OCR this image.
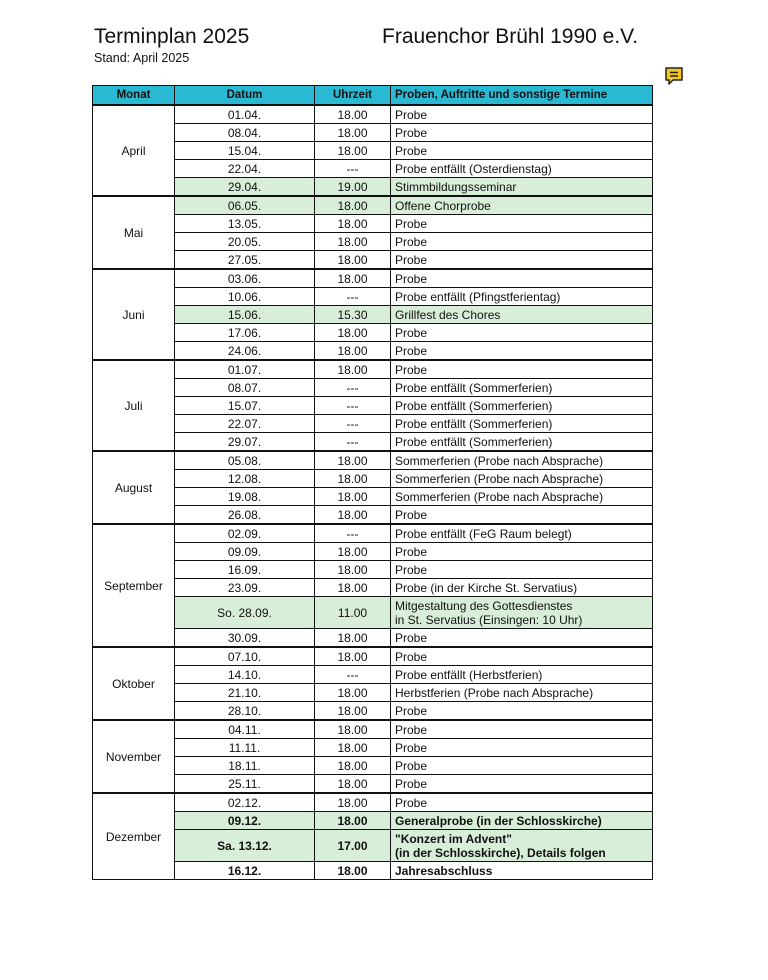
Terminplan 2025	Frauenchor Brühl 1990 e.V.
Stand: April 2025
Monat	Datum	Uhrzeit	Proben, Auftritte und sonstige Termine
April	01.04.	18.00	Probe

	08.04.	18.00	Probe

	15.04.	18.00	Probe

	22.04.	---	Probe entfällt (Osterdienstag)

	29.04.	19.00	Stimmbildungsseminar

Mai	06.05.	18.00	Offene Chorprobe

	13.05.	18.00	Probe

	20.05.	18.00	Probe

	27.05.	18.00	Probe

Juni	03.06.	18.00	Probe

	10.06.	---	Probe entfällt (Pfingstferientag)

	15.06.	15.30	Grillfest des Chores

	17.06.	18.00	Probe

	24.06.	18.00	Probe

Juli	01.07.	18.00	Probe

	08.07.	---	Probe entfällt (Sommerferien)

	15.07.	---	Probe entfällt (Sommerferien)

	22.07.	---	Probe entfällt (Sommerferien)

	29.07.	---	Probe entfällt (Sommerferien)

August	05.08.	18.00	Sommerferien (Probe nach Absprache)

	12.08.	18.00	Sommerferien (Probe nach Absprache)

	19.08.	18.00	Sommerferien (Probe nach Absprache)

	26.08.	18.00	Probe

September	02.09.	---	Probe entfällt (FeG Raum belegt)

	09.09.	18.00	Probe

	16.09.	18.00	Probe

	23.09.	18.00	Probe (in der Kirche St. Servatius)

	So. 28.09.	11.00	Mitgestaltung des Gottesdienstes
in St. Servatius (Einsingen: 10 Uhr)

	30.09.	18.00	Probe

Oktober	07.10.	18.00	Probe

	14.10.	---	Probe entfällt (Herbstferien)

	21.10.	18.00	Herbstferien (Probe nach Absprache)

	28.10.	18.00	Probe

November	04.11.	18.00	Probe

	11.11.	18.00	Probe

	18.11.	18.00	Probe

	25.11.	18.00	Probe

Dezember	02.12.	18.00	Probe

	09.12.	18.00	Generalprobe (in der Schlosskirche)

	Sa. 13.12.	17.00	"Konzert im Advent"
(in der Schlosskirche), Details folgen

	16.12.	18.00	Jahresabschluss
